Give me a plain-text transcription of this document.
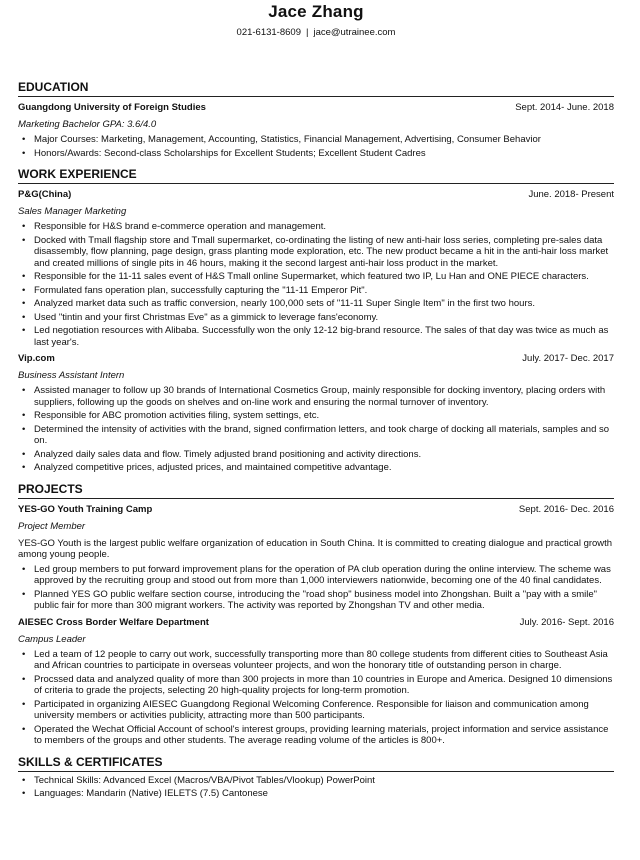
Jace Zhang
021-6131-8609 | jace@utrainee.com
EDUCATION
Guangdong University of Foreign Studies	Sept. 2014- June. 2018
Marketing Bachelor GPA: 3.6/4.0
• Major Courses: Marketing, Management, Accounting, Statistics, Financial Management, Advertising, Consumer Behavior
• Honors/Awards: Second-class Scholarships for Excellent Students; Excellent Student Cadres
WORK EXPERIENCE
P&G(China)	June. 2018- Present
Sales Manager Marketing
• Responsible for H&S brand e-commerce operation and management.
• Docked with Tmall flagship store and Tmall supermarket, co-ordinating the listing of new anti-hair loss series, completing pre-sales data disassembly, flow planning, page design, grass planting mode exploration, etc. The new product became a hit in the anti-hair loss market and created millions of single pits in 46 hours, making it the second largest anti-hair loss product in the market.
• Responsible for the 11-11 sales event of H&S Tmall online Supermarket, which featured two IP, Lu Han and ONE PIECE characters.
• Formulated fans operation plan, successfully capturing the "11-11 Emperor Pit".
• Analyzed market data such as traffic conversion, nearly 100,000 sets of "11-11 Super Single Item" in the first two hours.
• Used "tintin and your first Christmas Eve" as a gimmick to leverage fans'economy.
• Led negotiation resources with Alibaba. Successfully won the only 12-12 big-brand resource. The sales of that day was twice as much as last year's.
Vip.com	July. 2017- Dec. 2017
Business Assistant Intern
• Assisted manager to follow up 30 brands of International Cosmetics Group, mainly responsible for docking inventory, placing orders with suppliers, following up the goods on shelves and on-line work and ensuring the normal turnover of inventory.
• Responsible for ABC promotion activities filing, system settings, etc.
• Determined the intensity of activities with the brand, signed confirmation letters, and took charge of docking all materials, samples and so on.
• Analyzed daily sales data and flow. Timely adjusted brand positioning and activity directions.
• Analyzed competitive prices, adjusted prices, and maintained competitive advantage.
PROJECTS
YES-GO Youth Training Camp	Sept. 2016- Dec. 2016
Project Member
YES-GO Youth is the largest public welfare organization of education in South China. It is committed to creating dialogue and practical growth among young people.
• Led group members to put forward improvement plans for the operation of PA club operation during the online interview. The scheme was approved by the recruiting group and stood out from more than 1,000 interviewers nationwide, becoming one of the 40 final candidates.
• Planned YES GO public welfare section course, introducing the "road shop" business model into Zhongshan. Built a "pay with a smile" public fair for more than 300 migrant workers. The activity was reported by Zhongshan TV and other media.
AIESEC Cross Border Welfare Department	July. 2016- Sept. 2016
Campus Leader
• Led a team of 12 people to carry out work, successfully transporting more than 80 college students from different cities to Southeast Asia and African countries to participate in overseas volunteer projects, and won the honorary title of outstanding person in charge.
• Procssed data and analyzed quality of more than 300 projects in more than 10 countries in Europe and America. Designed 10 dimensions of criteria to grade the projects, selecting 20 high-quality projects for long-term promotion.
• Participated in organizing AIESEC Guangdong Regional Welcoming Conference. Responsible for liaison and communication among university members or activities publicity, attracting more than 500 participants.
• Operated the Wechat Official Account of school's interest groups, providing learning materials, project information and service assistance to members of the groups and other students. The average reading volume of the articles is 800+.
SKILLS & CERTIFICATES
• Technical Skills: Advanced Excel (Macros/VBA/Pivot Tables/Vlookup) PowerPoint
• Languages: Mandarin (Native) IELETS (7.5) Cantonese
